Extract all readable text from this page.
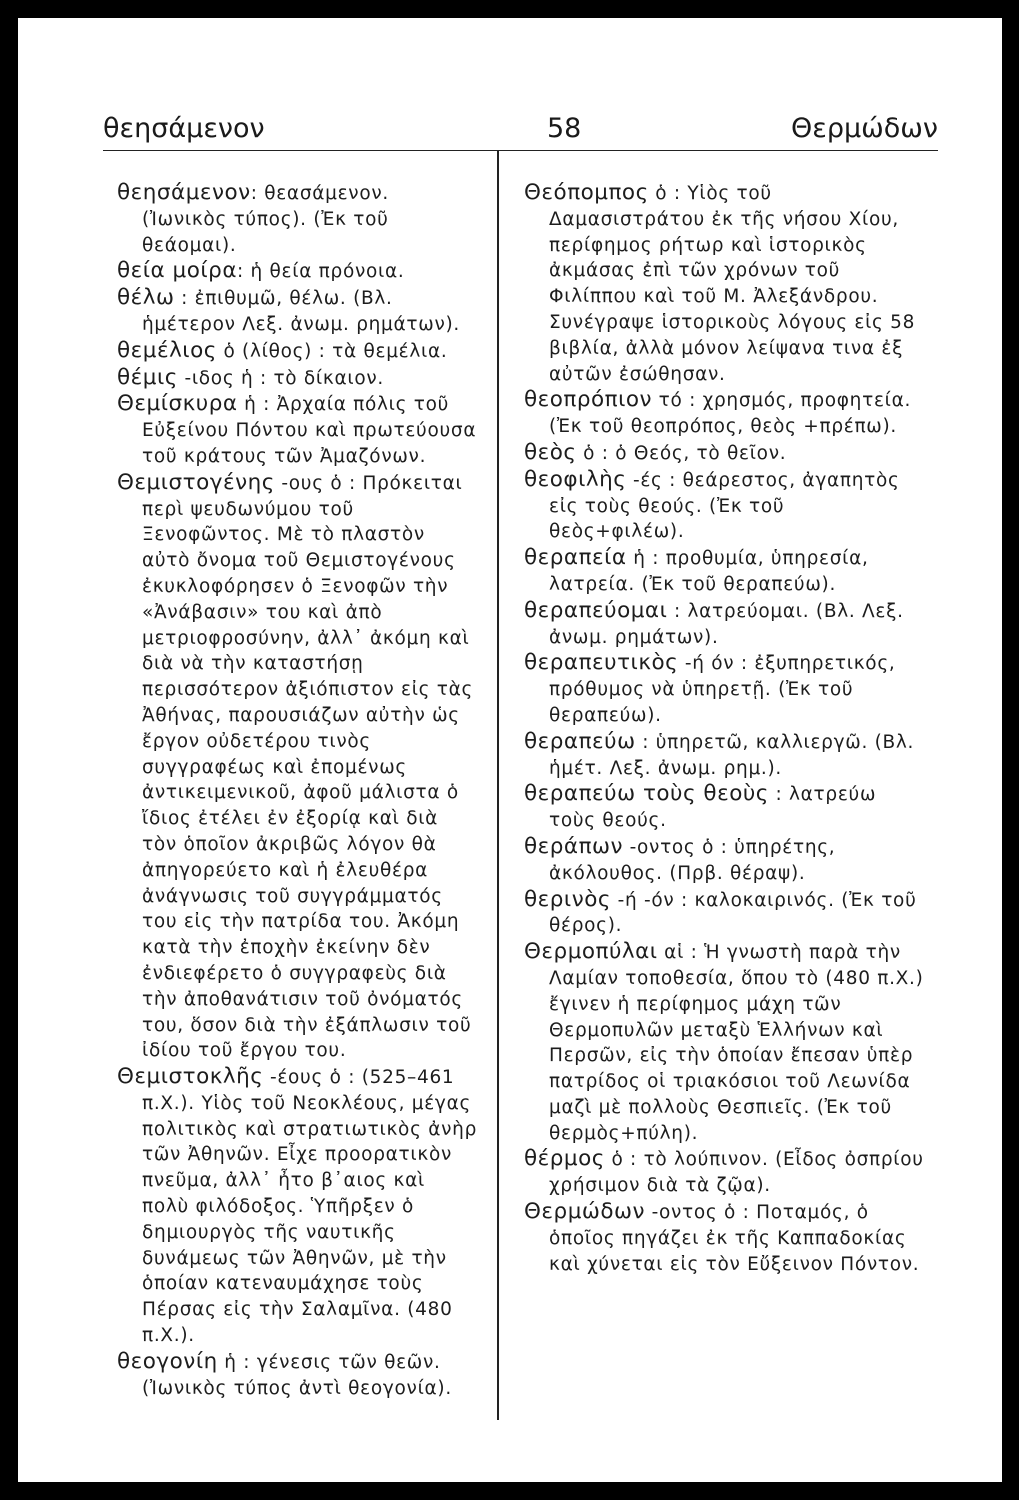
θεησάμενον	58	Θερμώδων

θεησάμενον: θεασάμενον. (Ἰωνικὸς τύπος). (Ἐκ τοῦ θεάομαι).

θεία μοίρα: ἡ θεία πρόνοια.

θέλω : ἐπιθυμῶ, θέλω. (Βλ. ἡμέτερον Λεξ. ἀνωμ. ρημάτων).

θεμέλιος ὁ (λίθος) : τὰ θεμέλια.

θέμις -ιδος ἡ : τὸ δίκαιον.

Θεμίσκυρα ἡ : Ἀρχαία πόλις τοῦ Εὐξείνου Πόντου καὶ πρωτεύουσα τοῦ κράτους τῶν Ἀμαζόνων.

Θεμιστογένης -ους ὁ : Πρόκειται περὶ ψευδωνύμου τοῦ Ξενοφῶντος. Μὲ τὸ πλαστὸν αὐτὸ ὄνομα τοῦ Θεμιστογένους ἐκυκλοφόρησεν ὁ Ξενοφῶν τὴν «Ἀνάβασιν» του καὶ ἀπὸ μετριοφροσύνην, ἀλλ᾽ ἀκόμη καὶ διὰ νὰ τὴν καταστήσῃ περισσότερον ἀξιόπιστον εἰς τὰς Ἀθήνας, παρουσιάζων αὐτὴν ὡς ἔργον οὐδετέρου τινὸς συγγραφέως καὶ ἐπομένως ἀντικειμενικοῦ, ἀφοῦ μάλιστα ὁ ἴδιος ἐτέλει ἐν ἐξορίᾳ καὶ διὰ τὸν ὁποῖον ἀκριβῶς λόγον θὰ ἀπηγορεύετο καὶ ἡ ἐλευθέρα ἀνάγνωσις τοῦ συγγράμματός του εἰς τὴν πατρίδα του. Ἀκόμη κατὰ τὴν ἐποχὴν ἐκείνην δὲν ἐνδιεφέρετο ὁ συγγραφεὺς διὰ τὴν ἀποθανάτισιν τοῦ ὀνόματός του, ὅσον διὰ τὴν ἐξάπλωσιν τοῦ ἰδίου τοῦ ἔργου του.

Θεμιστοκλῆς -έους ὁ : (525–461 π.Χ.). Υἱὸς τοῦ Νεοκλέους, μέγας πολιτικὸς καὶ στρατιωτικὸς ἀνὴρ τῶν Ἀθηνῶν. Εἶχε προορατικὸν πνεῦμα, ἀλλ᾽ ἦτο β᾽αιος καὶ πολὺ φιλόδοξος. Ὑπῆρξεν ὁ δημιουργὸς τῆς ναυτικῆς δυνάμεως τῶν Ἀθηνῶν, μὲ τὴν ὁποίαν κατεναυμάχησε τοὺς Πέρσας εἰς τὴν Σαλαμῖνα. (480 π.Χ.).

θεογονίη ἡ : γένεσις τῶν θεῶν. (Ἰωνικὸς τύπος ἀντὶ θεογονία).

Θεόπομπος ὁ : Υἱὸς τοῦ Δαμασιστράτου ἐκ τῆς νήσου Χίου, περίφημος ρήτωρ καὶ ἱστορικὸς ἀκμάσας ἐπὶ τῶν χρόνων τοῦ Φιλίππου καὶ τοῦ Μ. Ἀλεξάνδρου. Συνέγραψε ἱστορικοὺς λόγους εἰς 58 βιβλία, ἀλλὰ μόνον λείψανα τινα ἐξ αὐτῶν ἐσώθησαν.

θεοπρόπιον τό : χρησμός, προφητεία. (Ἐκ τοῦ θεοπρόπος, θεὸς +πρέπω).

θεὸς ὁ : ὁ Θεός, τὸ θεῖον.

θεοφιλὴς -ές : θεάρεστος, ἀγαπητὸς εἰς τοὺς θεούς. (Ἐκ τοῦ θεὸς+φιλέω).

θεραπεία ἡ : προθυμία, ὑπηρεσία, λατρεία. (Ἐκ τοῦ θεραπεύω).

θεραπεύομαι : λατρεύομαι. (Βλ. Λεξ. ἀνωμ. ρημάτων).

θεραπευτικὸς -ή όν : ἐξυπηρετικός, πρόθυμος νὰ ὑπηρετῇ. (Ἐκ τοῦ θεραπεύω).

θεραπεύω : ὑπηρετῶ, καλλιεργῶ. (Βλ. ἡμέτ. Λεξ. ἀνωμ. ρημ.).

θεραπεύω τοὺς θεοὺς : λατρεύω τοὺς θεούς.

θεράπων -οντος ὁ : ὑπηρέτης, ἀκόλουθος. (Πρβ. θέραψ).

θερινὸς -ή -όν : καλοκαιρινός. (Ἐκ τοῦ θέρος).

Θερμοπύλαι αἱ : Ἡ γνωστὴ παρὰ τὴν Λαμίαν τοποθεσία, ὅπου τὸ (480 π.Χ.) ἔγινεν ἡ περίφημος μάχη τῶν Θερμοπυλῶν μεταξὺ Ἑλλήνων καὶ Περσῶν, εἰς τὴν ὁποίαν ἔπεσαν ὑπὲρ πατρίδος οἱ τριακόσιοι τοῦ Λεωνίδα μαζὶ μὲ πολλοὺς Θεσπιεῖς. (Ἐκ τοῦ θερμὸς+πύλη).

θέρμος ὁ : τὸ λούπινον. (Εἶδος ὀσπρίου χρήσιμον διὰ τὰ ζῷα).

Θερμώδων -οντος ὁ : Ποταμός, ὁ ὁποῖος πηγάζει ἐκ τῆς Καππαδοκίας καὶ χύνεται εἰς τὸν Εὔξεινον Πόντον.
